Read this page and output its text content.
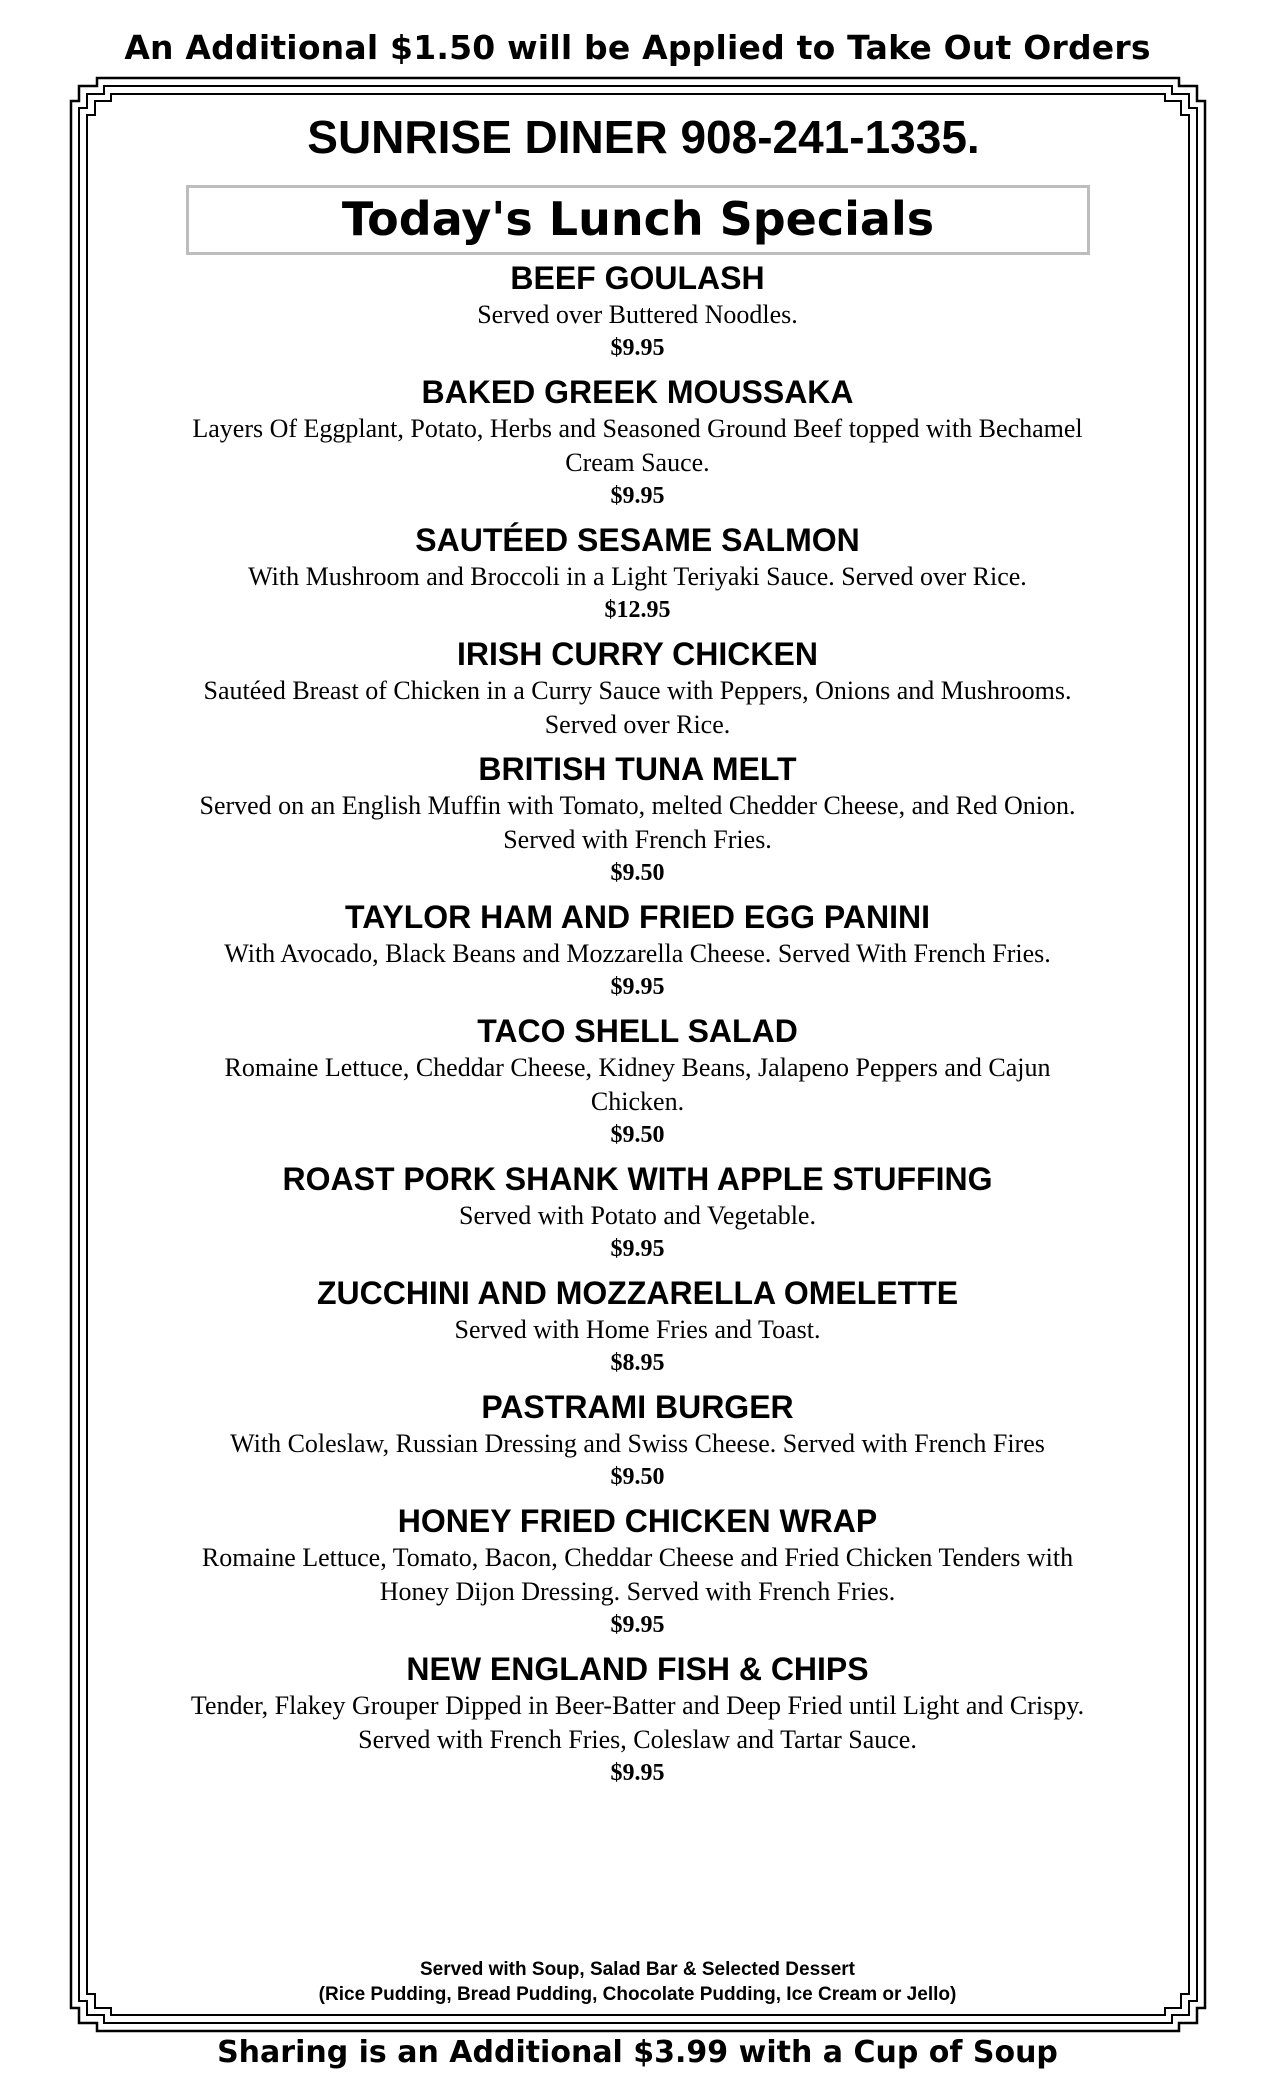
An Additional $1.50 will be Applied to Take Out Orders
SUNRISE DINER 908-241-1335.
Today's Lunch Specials
BEEF GOULASH
Served over Buttered Noodles.
$9.95
BAKED GREEK MOUSSAKA
Layers Of Eggplant, Potato, Herbs and Seasoned Ground Beef topped with Bechamel Cream Sauce.
$9.95
SAUTÉED SESAME SALMON
With Mushroom and Broccoli in a Light Teriyaki Sauce. Served over Rice.
$12.95
IRISH CURRY CHICKEN
Sautéed Breast of Chicken in a Curry Sauce with Peppers, Onions and Mushrooms. Served over Rice.
BRITISH TUNA MELT
Served on an English Muffin with Tomato, melted Chedder Cheese, and Red Onion. Served with French Fries.
$9.50
TAYLOR HAM AND FRIED EGG PANINI
With Avocado, Black Beans and Mozzarella Cheese. Served With French Fries.
$9.95
TACO SHELL SALAD
Romaine Lettuce, Cheddar Cheese, Kidney Beans, Jalapeno Peppers and Cajun Chicken.
$9.50
ROAST PORK SHANK WITH APPLE STUFFING
Served with Potato and Vegetable.
$9.95
ZUCCHINI AND MOZZARELLA OMELETTE
Served with Home Fries and Toast.
$8.95
PASTRAMI BURGER
With Coleslaw, Russian Dressing and Swiss Cheese. Served with French Fires
$9.50
HONEY FRIED CHICKEN WRAP
Romaine Lettuce, Tomato, Bacon, Cheddar Cheese and Fried Chicken Tenders with Honey Dijon Dressing. Served with French Fries.
$9.95
NEW ENGLAND FISH & CHIPS
Tender, Flakey Grouper Dipped in Beer-Batter and Deep Fried until Light and Crispy. Served with French Fries, Coleslaw and Tartar Sauce.
$9.95
Served with Soup, Salad Bar & Selected Dessert
(Rice Pudding, Bread Pudding, Chocolate Pudding, Ice Cream or Jello)
Sharing is an Additional $3.99 with a Cup of Soup
